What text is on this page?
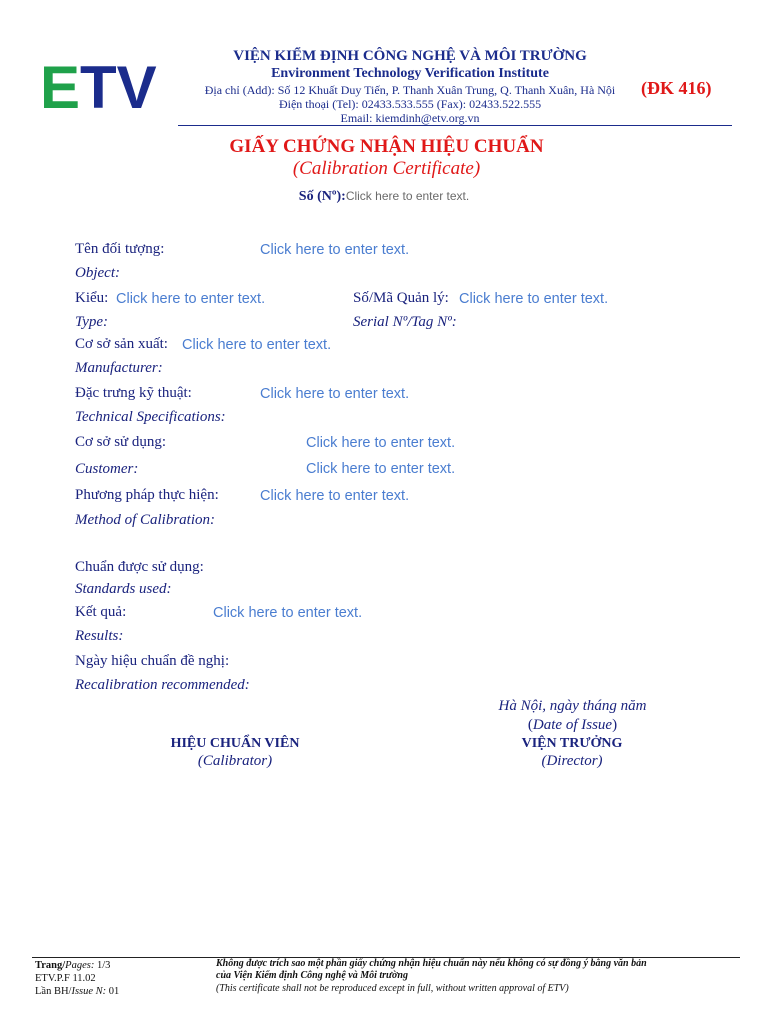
E TV	VIỆN KIỂM ĐỊNH CÔNG NGHỆ VÀ MÔI TRƯỜNG
Environment Technology Verification Institute
Địa chỉ (Add): Số 12 Khuất Duy Tiến, P. Thanh Xuân Trung, Q. Thanh Xuân, Hà Nội
Điện thoại (Tel): 02433.533.555 (Fax): 02433.522.555
Email: kiemdinh@etv.org.vn
(ĐK 416)
GIẤY CHỨNG NHẬN HIỆU CHUẨN
(Calibration Certificate)
Số (Nº):Click here to enter text.
Tên đối tượng:	Click here to enter text.
Object:
Kiểu: Click here to enter text.	Số/Mã Quản lý: Click here to enter text.
Type:	Serial Nº/Tag Nº:
Cơ sở sản xuất: Click here to enter text.
Manufacturer:
Đặc trưng kỹ thuật:	Click here to enter text.
Technical Specifications:
Cơ sở sử dụng:	Click here to enter text.
Customer:	Click here to enter text.
Phương pháp thực hiện:	Click here to enter text.
Method of Calibration:
Chuẩn được sử dụng:
Standards used:
Kết quả:	Click here to enter text.
Results:
Ngày hiệu chuẩn đề nghị:
Recalibration recommended:
Hà Nội, ngày tháng năm
(Date of Issue)
HIỆU CHUẨN VIÊN
(Calibrator)
VIỆN TRƯỞNG
(Director)
Trang/Pages: 1/3
ETV.P.F 11.02
Lần BH/Issue N: 01
Không được trích sao một phần giấy chứng nhận hiệu chuẩn này nếu không có sự đồng ý bằng văn bản
của Viện Kiểm định Công nghệ và Môi trường
(This certificate shall not be reproduced except in full, without written approval of ETV)
